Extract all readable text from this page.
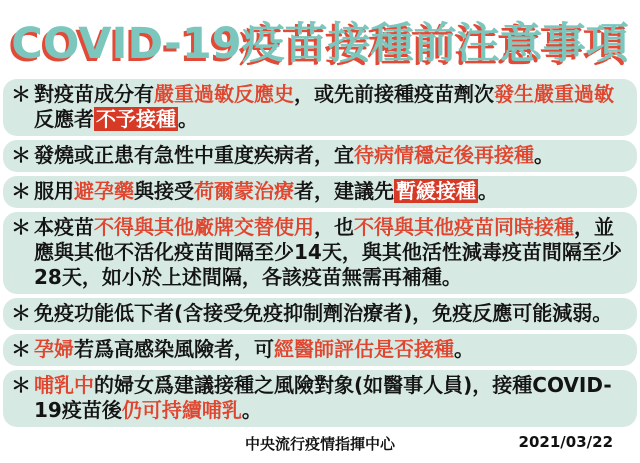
COVID-19疫苗接種前注意事項
＊ 對疫苗成分有嚴重過敏反應史，或先前接種疫苗劑次發生嚴重過敏反應者 不予接種 。
＊ 發燒或正患有急性中重度疾病者，宜待病情穩定後再接種。
＊ 服用避孕藥與接受荷爾蒙治療者，建議先 暫緩接種 。
＊ 本疫苗不得與其他廠牌交替使用，也不得與其他疫苗同時接種，並應與其他不活化疫苗間隔至少14天，與其他活性減毒疫苗間隔至少28天，如小於上述間隔，各該疫苗無需再補種。
＊ 免疫功能低下者(含接受免疫抑制劑治療者)，免疫反應可能減弱。
＊ 孕婦若爲高感染風險者，可經醫師評估是否接種。
＊ 哺乳中的婦女爲建議接種之風險對象(如醫事人員)，接種COVID-19疫苗後仍可持續哺乳。
中央流行疫情指揮中心	2021/03/22
